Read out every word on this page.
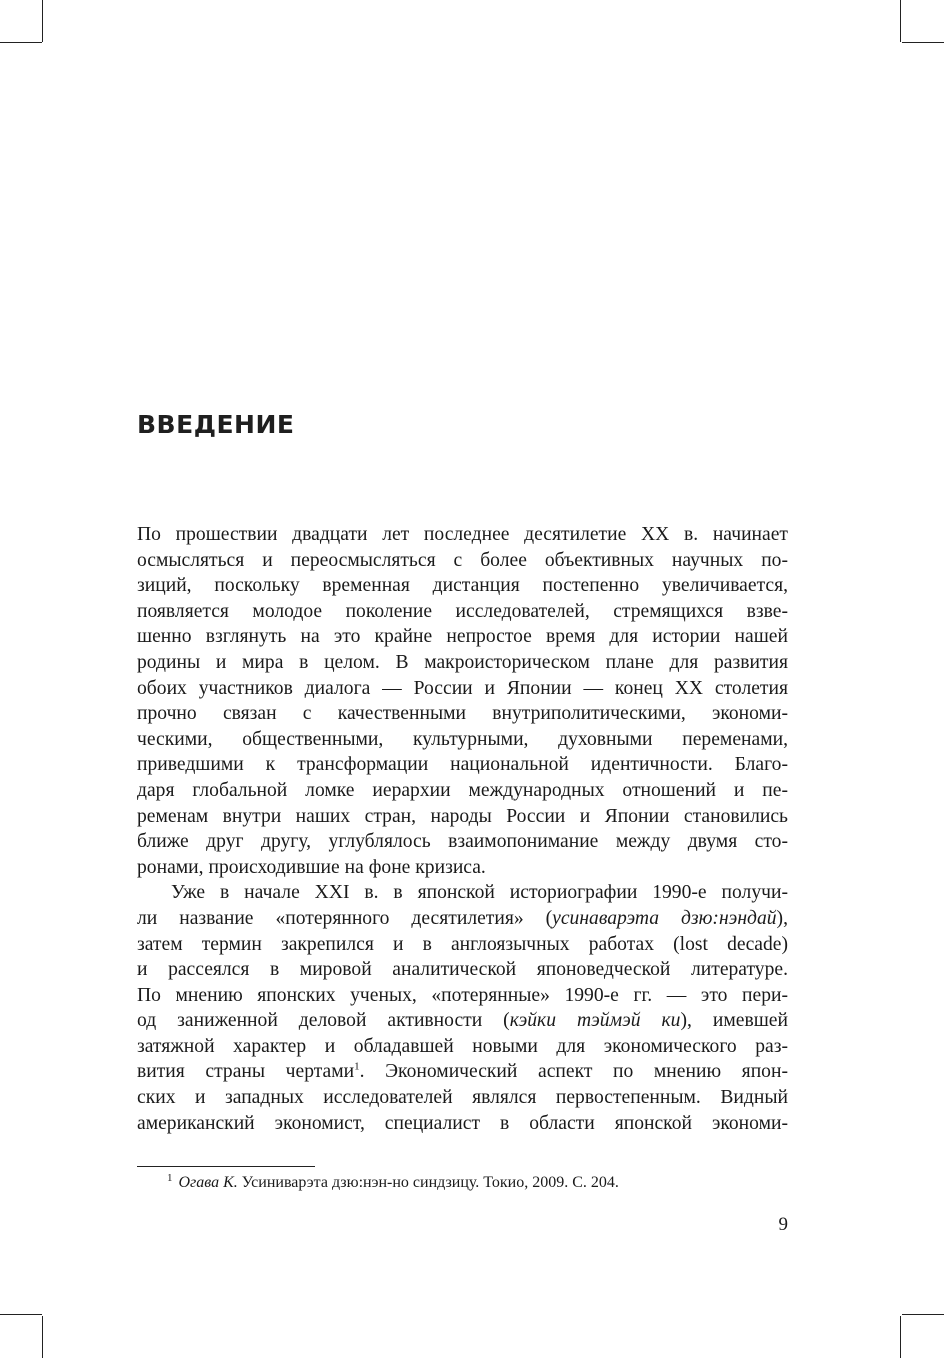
ВВЕДЕНИЕ
По прошествии двадцати лет последнее десятилетие XX в. начинает
осмысляться и переосмысляться с более объективных научных по-
зиций, поскольку временная дистанция постепенно увеличивается,
появляется молодое поколение исследователей, стремящихся взве-
шенно взглянуть на это крайне непростое время для истории нашей
родины и мира в целом. В макроисторическом плане для развития
обоих участников диалога — России и Японии — конец XX столетия
прочно связан с качественными внутриполитическими, экономи-
ческими, общественными, культурными, духовными переменами,
приведшими к трансформации национальной идентичности. Благо-
даря глобальной ломке иерархии международных отношений и пе-
ременам внутри наших стран, народы России и Японии становились
ближе друг другу, углублялось взаимопонимание между двумя сто-
ронами, происходившие на фоне кризиса.
Уже в начале XXI в. в японской историографии 1990-е получи-
ли название «потерянного десятилетия» (усинаварэта дзю:нэндай),
затем термин закрепился и в англоязычных работах (lost decade)
и рассеялся в мировой аналитической японоведческой литературе.
По мнению японских ученых, «потерянные» 1990-е гг. — это пери-
од заниженной деловой активности (кэйки тэймэй ки), имевшей
затяжной характер и обладавшей новыми для экономического раз-
вития страны чертами$^1$. Экономический аспект по мнению япон-
ских и западных исследователей являлся первостепенным. Видный
американский экономист, специалист в области японской экономи-
$^1$ Огава К. Усиниварэта дзю:нэн-но синдзицу. Токио, 2009. С. 204.
9
